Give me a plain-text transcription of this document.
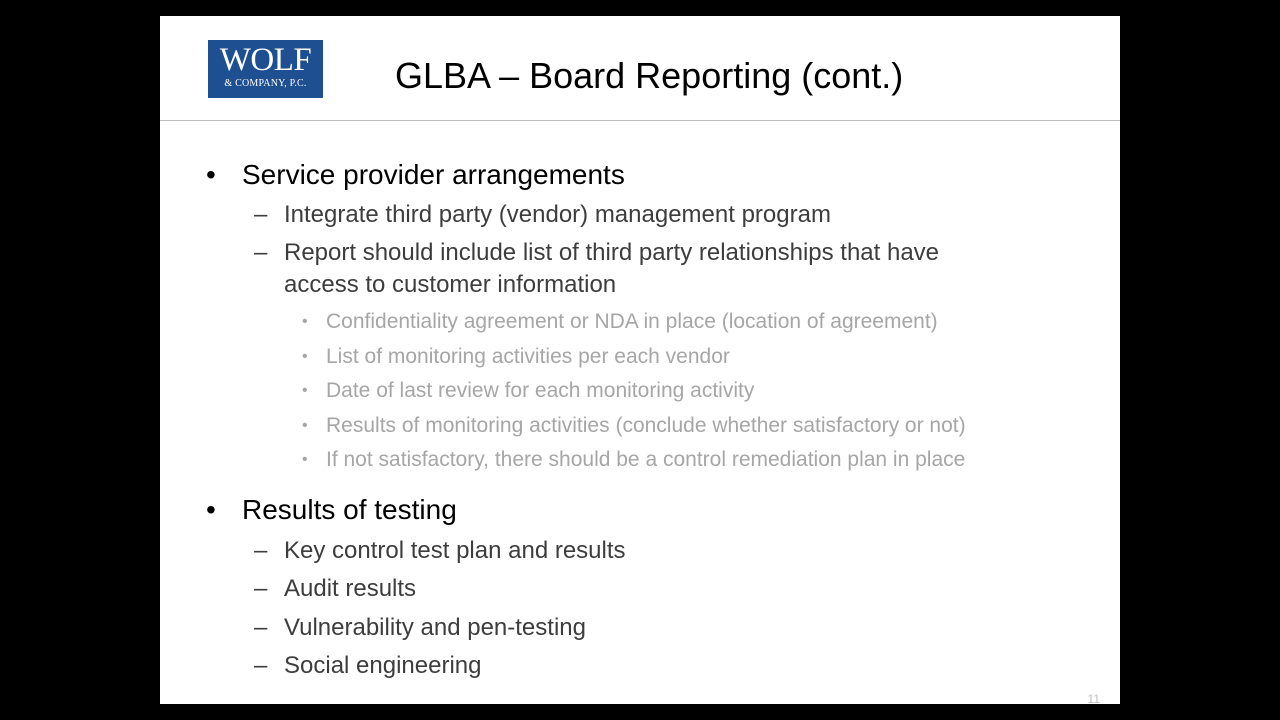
WOLF
& COMPANY, P.C.	GLBA – Board Reporting (cont.)
• Service provider arrangements
– Integrate third party (vendor) management program
– Report should include list of third party relationships that have
access to customer information
• Confidentiality agreement or NDA in place (location of agreement)
• List of monitoring activities per each vendor
• Date of last review for each monitoring activity
• Results of monitoring activities (conclude whether satisfactory or not)
• If not satisfactory, there should be a control remediation plan in place
• Results of testing
– Key control test plan and results
– Audit results
– Vulnerability and pen-testing
– Social engineering
11
